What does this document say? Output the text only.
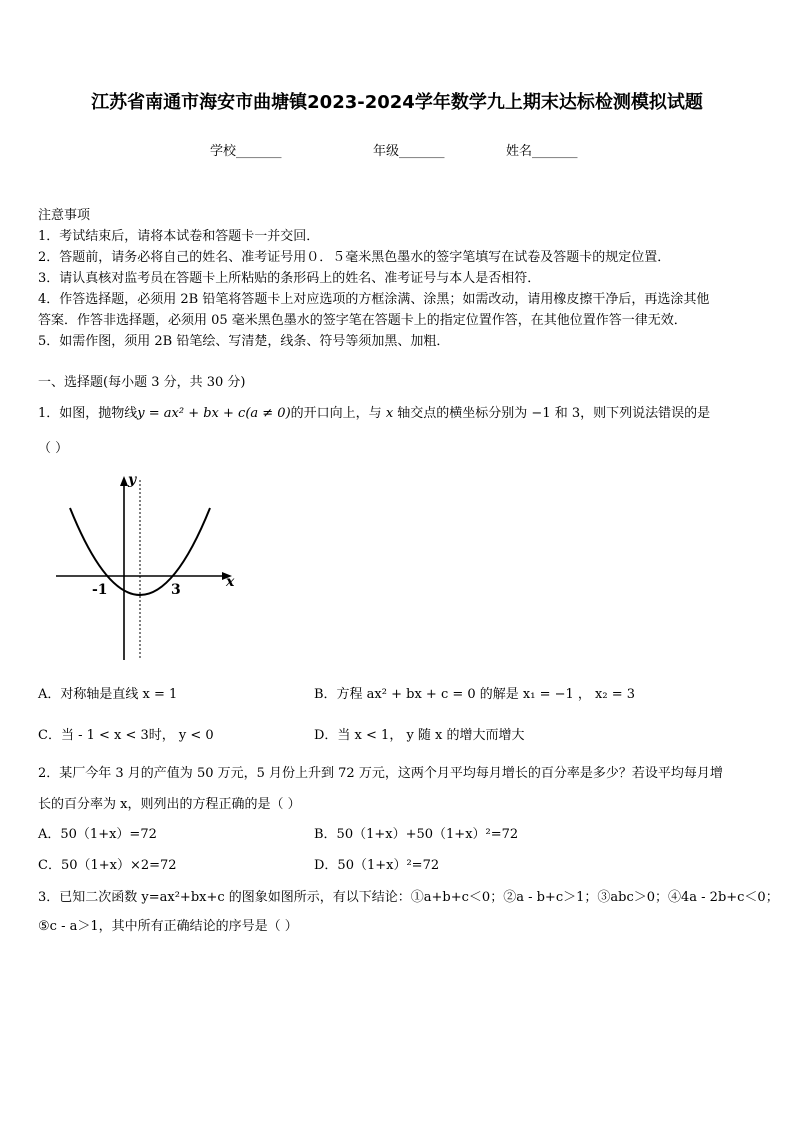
江苏省南通市海安市曲塘镇2023-2024学年数学九上期末达标检测模拟试题
学校_______	年级_______	姓名_______
注意事项
1．考试结束后，请将本试卷和答题卡一并交回．
2．答题前，请务必将自己的姓名、准考证号用０．５毫米黑色墨水的签字笔填写在试卷及答题卡的规定位置．
3．请认真核对监考员在答题卡上所粘贴的条形码上的姓名、准考证号与本人是否相符．
4．作答选择题，必须用 2B 铅笔将答题卡上对应选项的方框涂满、涂黑；如需改动，请用橡皮擦干净后，再选涂其他
答案．作答非选择题，必须用 05 毫米黑色墨水的签字笔在答题卡上的指定位置作答，在其他位置作答一律无效．
5．如需作图，须用 2B 铅笔绘、写清楚，线条、符号等须加黑、加粗．
一、选择题(每小题 3 分，共 30 分)
1．如图，抛物线y = ax² + bx + c(a ≠ 0)的开口向上，与 x 轴交点的横坐标分别为 −1 和 3，则下列说法错误的是
（ ）
x
y
-1	3
A．对称轴是直线 x = 1	B．方程 ax² + bx + c = 0 的解是 x₁ = −1 ， x₂ = 3
C．当 - 1 < x < 3时， y < 0	D．当 x < 1， y 随 x 的增大而增大
2．某厂今年 3 月的产值为 50 万元，5 月份上升到 72 万元，这两个月平均每月增长的百分率是多少？若设平均每月增
长的百分率为 x，则列出的方程正确的是（ ）
A．50（1+x）=72	B．50（1+x）+50（1+x）²=72
C．50（1+x）×2=72	D．50（1+x）²=72
3．已知二次函数 y=ax²+bx+c 的图象如图所示，有以下结论：①a+b+c＜0；②a - b+c＞1；③abc＞0；④4a - 2b+c＜0；
⑤c - a＞1，其中所有正确结论的序号是（ ）
